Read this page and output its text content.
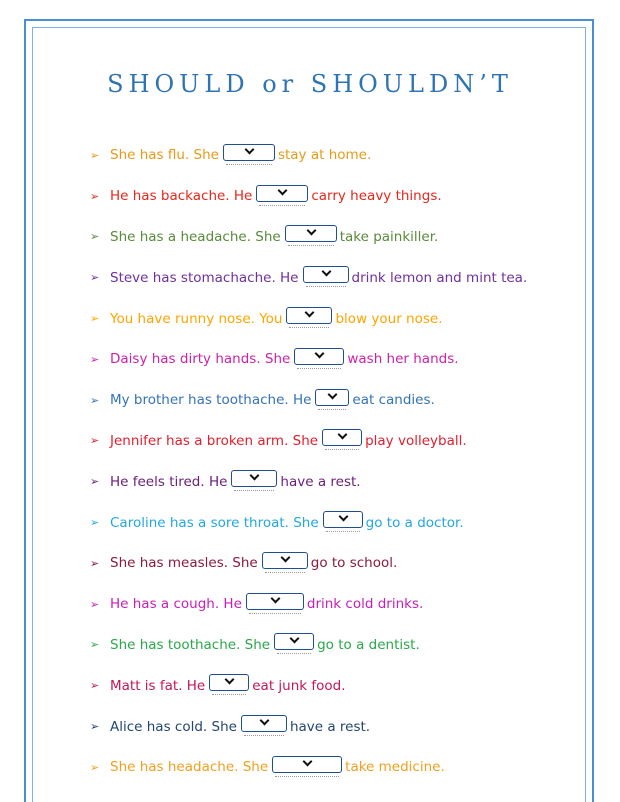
SHOULD or SHOULDN’T
➢ She has flu. She	stay at home.
➢ He has backache. He	carry heavy things.
➢ She has a headache. She	take painkiller.
➢ Steve has stomachache. He	drink lemon and mint tea.
➢ You have runny nose. You	blow your nose.
➢ Daisy has dirty hands. She	wash her hands.
➢ My brother has toothache. He	eat candies.
➢ Jennifer has a broken arm. She	play volleyball.
➢ He feels tired. He	have a rest.
➢ Caroline has a sore throat. She	go to a doctor.
➢ She has measles. She	go to school.
➢ He has a cough. He	drink cold drinks.
➢ She has toothache. She	go to a dentist.
➢ Matt is fat. He	eat junk food.
➢ Alice has cold. She	have a rest.
➢ She has headache. She	take medicine.
